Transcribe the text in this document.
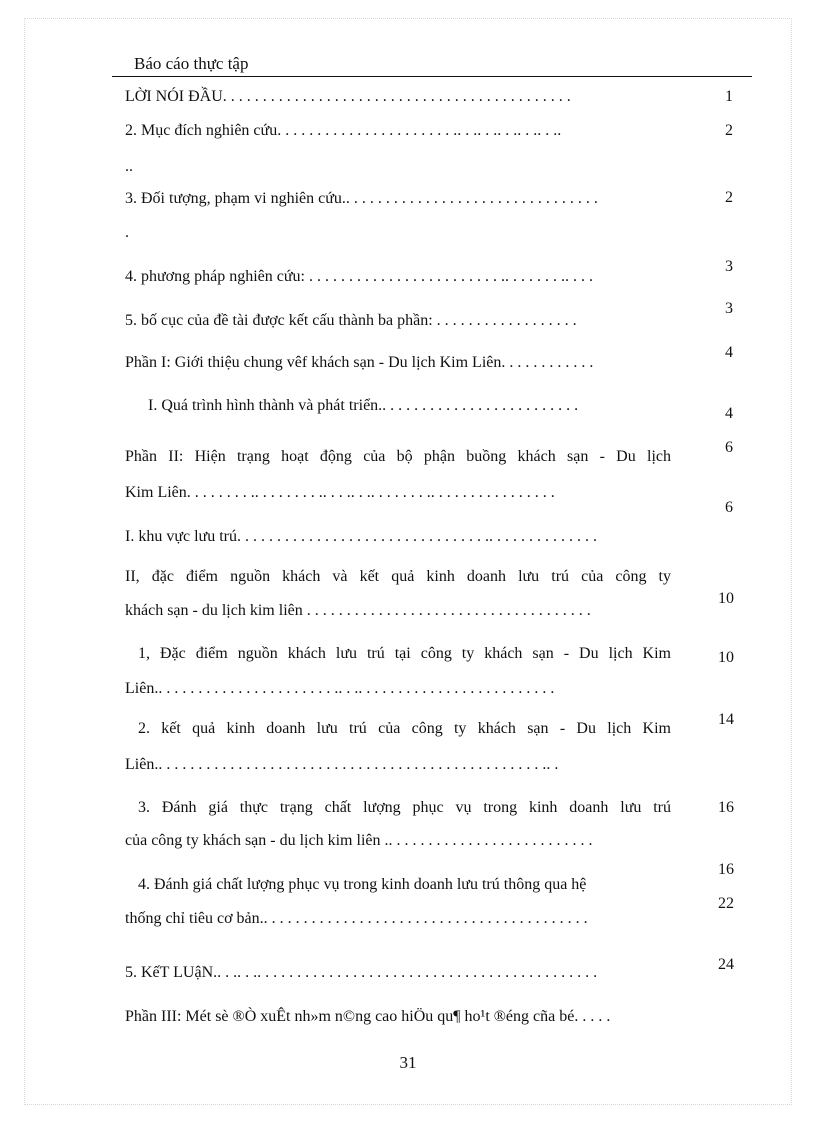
Báo cáo thực tập
LỜI NÓI ĐẦU. . . . . . . . . . . . . . . . . . . . . . . . . . . . . . . . . . . . . . . . . . . .
2. Mục đích nghiên cứu. . . . . . . . . . . . . . . . . . . . . . .. . .. . .. . .. . .. . ..
..
3. Đối tượng, phạm vi nghiên cứu.. . . . . . . . . . . . . . . . . . . . . . . . . . . . . . . .
.
4. phương pháp nghiên cứu: . . . . . . . . . . . . . . . . . . . . . . . . .. . . . . . . .. . . .
5. bố cục của đề tài được kết cấu thành ba phần: . . . . . . . . . . . . . . . . . .
Phần I: Giới thiệu chung vêf khách sạn - Du lịch Kim Liên. . . . . . . . . . . .
I. Quá trình hình thành và phát triển.. . . . . . . . . . . . . . . . . . . . . . . . .
Phần II: Hiện trạng hoạt động của bộ phận buồng khách sạn - Du lịch
Kim Liên. . . . . . . . .. . . . . . . . .. . . .. . .. . . . . . . .. . . . . . . . . . . . . . . .
I. khu vực lưu trú. . . . . . . . . . . . . . . . . . . . . . . . . . . . . . . .. . . . . . . . . . . . . .
II, đặc điểm nguồn khách và kết quả kinh doanh lưu trú của công ty
khách sạn - du lịch kim liên . . . . . . . . . . . . . . . . . . . . . . . . . . . . . . . . . . . .
1, Đặc điểm nguồn khách lưu trú tại công ty khách sạn - Du lịch Kim
Liên.. . . . . . . . . . . . . . . . . . . . . . .. . .. . . . . . . . . . . . . . . . . . . . . . . . .
2. kết quả kinh doanh lưu trú của công ty khách sạn - Du lịch Kim
Liên.. . . . . . . . . . . . . . . . . . . . . . . . . . . . . . . . . . . . . . . . . . . . . . . . .. .
3. Đánh giá thực trạng chất lượng phục vụ trong kinh doanh lưu trú
của công ty khách sạn - du lịch kim liên .. . . . . . . . . . . . . . . . . . . . . . . . . .
4. Đánh giá chất lượng phục vụ trong kinh doanh lưu trú thông qua hệ
thống chỉ tiêu cơ bản.. . . . . . . . . . . . . . . . . . . . . . . . . . . . . . . . . . . . . . . . .
5. KếT LUậN.. . .. . .. . . . . . . . . . . . . . . . . . . . . . . . . . . . . . . . . . . . . . . . . . .
Phần III: Mét sè ®Ò xuÊt nh»m n©ng cao hiÖu qu¶ ho¹t ®éng cña bé. . . . .
1
2
2
3
3
4
4
6
6
10
10
14
16
16
22
24
31
